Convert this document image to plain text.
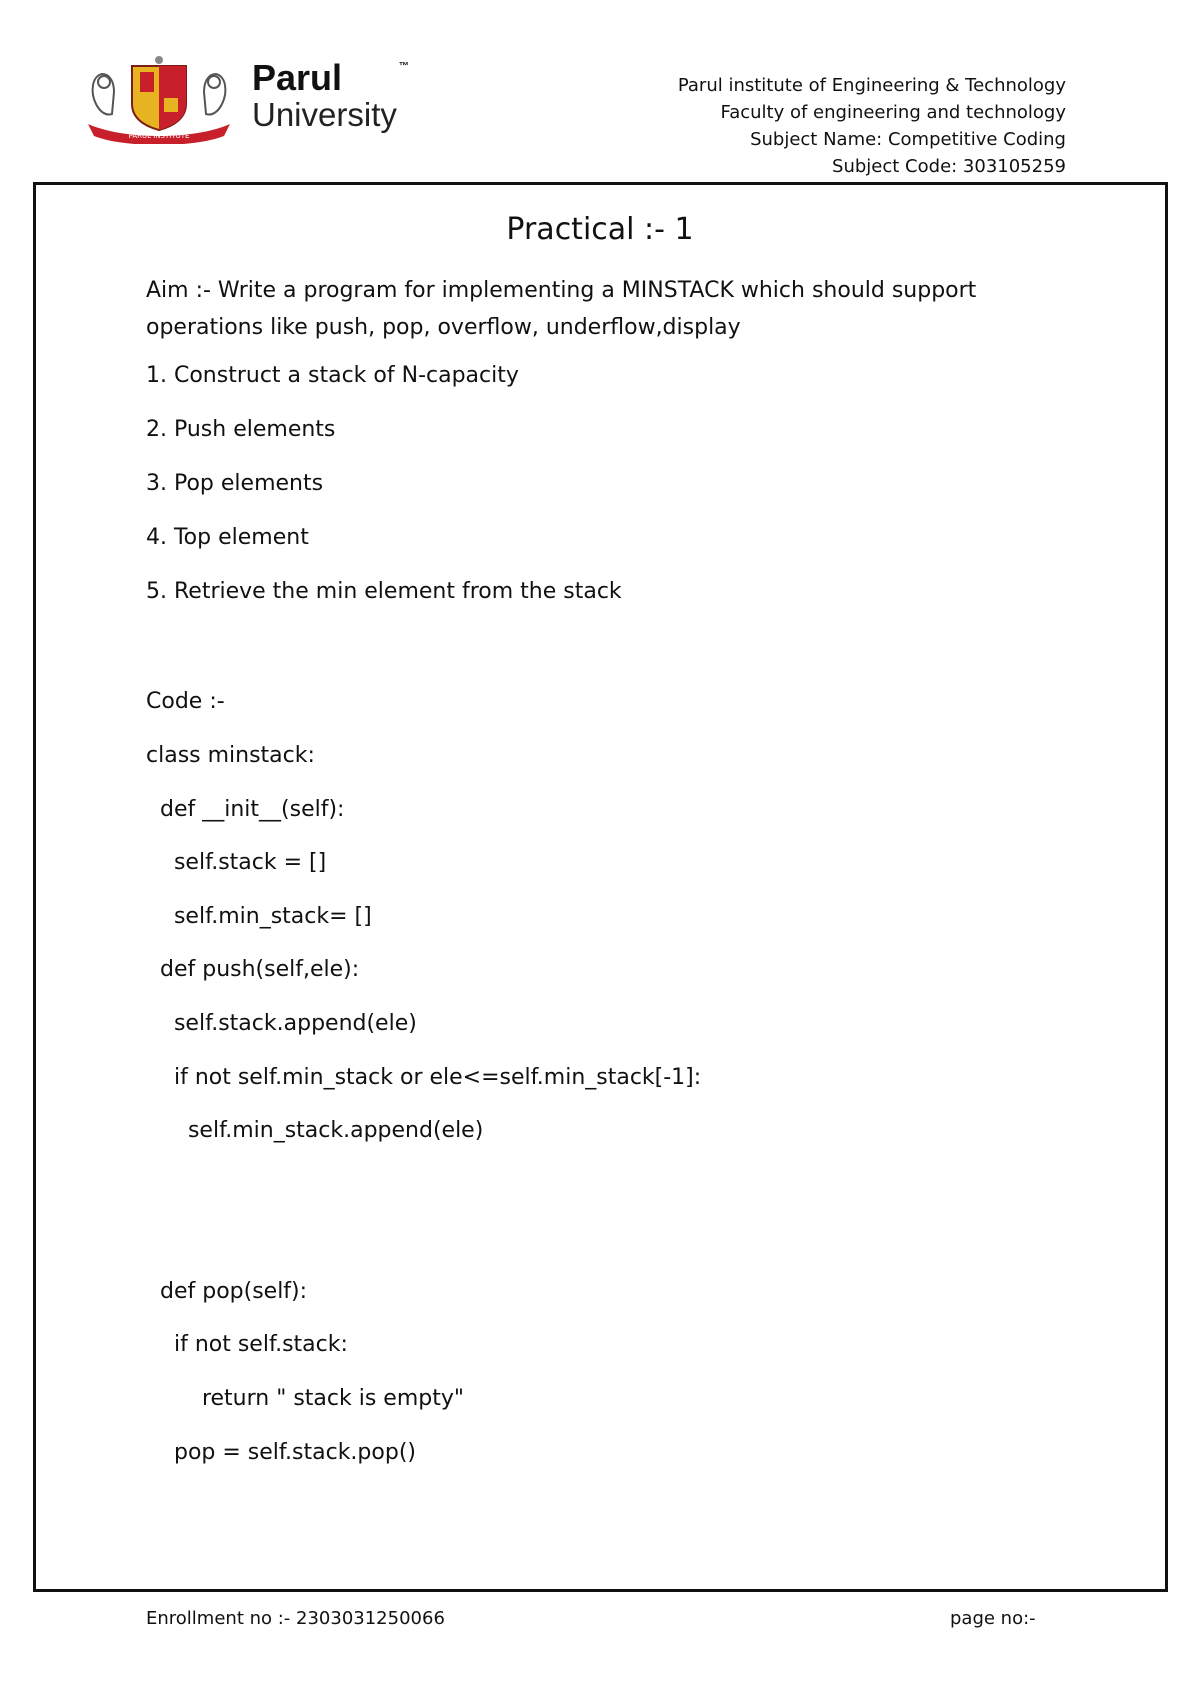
PARUL INSTITUTE
Parul	™
University
Parul institute of Engineering & Technology
Faculty of engineering and technology
Subject Name: Competitive Coding
Subject Code: 303105259
Practical :- 1
Aim :- Write a program for implementing a MINSTACK which should support operations like push, pop, overflow, underflow,display
1. Construct a stack of N-capacity
2. Push elements
3. Pop elements
4. Top element
5. Retrieve the min element from the stack
Code :-
class minstack:
def __init__(self):
self.stack = []
self.min_stack= []
def push(self,ele):
self.stack.append(ele)
if not self.min_stack or ele<=self.min_stack[-1]:
self.min_stack.append(ele)
def pop(self):
if not self.stack:
return " stack is empty"
pop = self.stack.pop()
Enrollment no :- 2303031250066	page no:-
